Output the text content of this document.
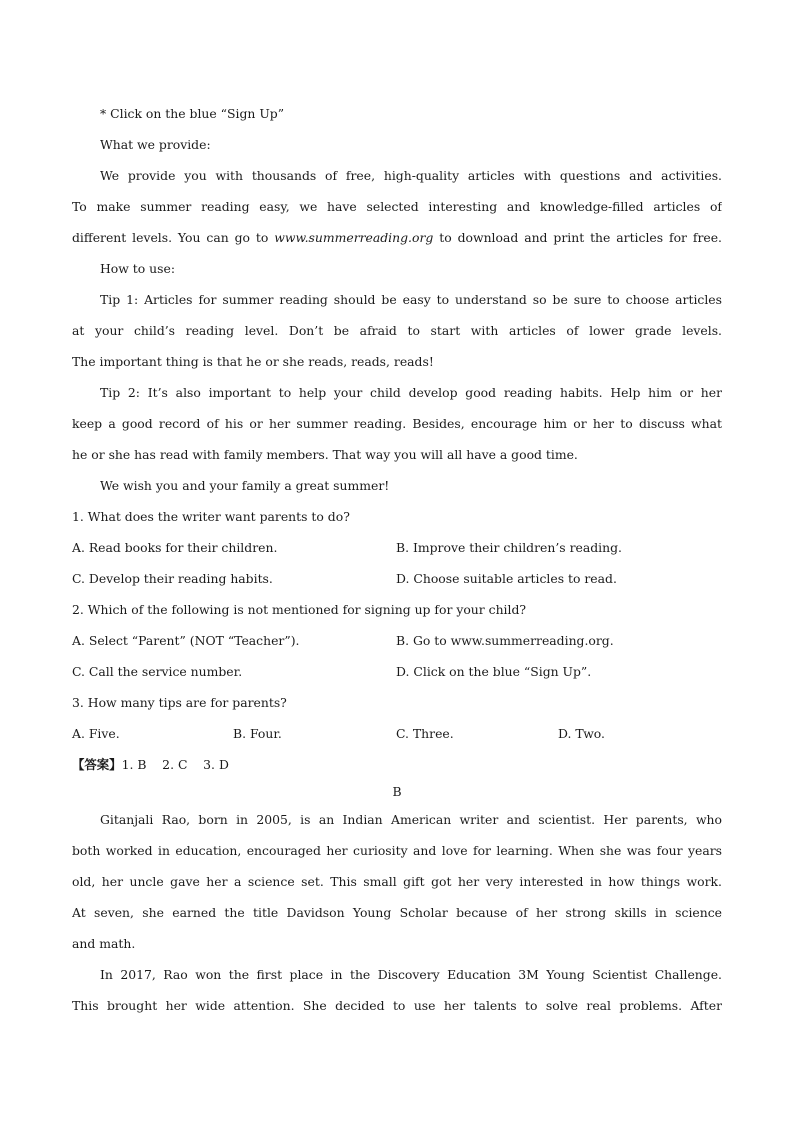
* Click on the blue “Sign Up”
What we provide:
We provide you with thousands of free, high-quality articles with questions and activities.
To make summer reading easy, we have selected interesting and knowledge-filled articles of
different levels. You can go to www.summerreading.org to download and print the articles for free.
How to use:
Tip 1: Articles for summer reading should be easy to understand so be sure to choose articles
at your child’s reading level. Don’t be afraid to start with articles of lower grade levels.
The important thing is that he or she reads, reads, reads!
Tip 2: It’s also important to help your child develop good reading habits. Help him or her
keep a good record of his or her summer reading. Besides, encourage him or her to discuss what
he or she has read with family members. That way you will all have a good time.
We wish you and your family a great summer!
1. What does the writer want parents to do?
A. Read books for their children.	B. Improve their children’s reading.
C. Develop their reading habits.	D. Choose suitable articles to read.
2. Which of the following is not mentioned for signing up for your child?
A. Select “Parent” (NOT “Teacher”).	B. Go to www.summerreading.org.
C. Call the service number.	D. Click on the blue “Sign Up”.
3. How many tips are for parents?
A. Five.	B. Four.	C. Three.	D. Two.
【答案】1. B    2. C    3. D
B
Gitanjali Rao, born in 2005, is an Indian American writer and scientist. Her parents, who
both worked in education, encouraged her curiosity and love for learning. When she was four years
old, her uncle gave her a science set. This small gift got her very interested in how things work.
At seven, she earned the title Davidson Young Scholar because of her strong skills in science
and math.
In 2017, Rao won the first place in the Discovery Education 3M Young Scientist Challenge.
This brought her wide attention. She decided to use her talents to solve real problems. After
